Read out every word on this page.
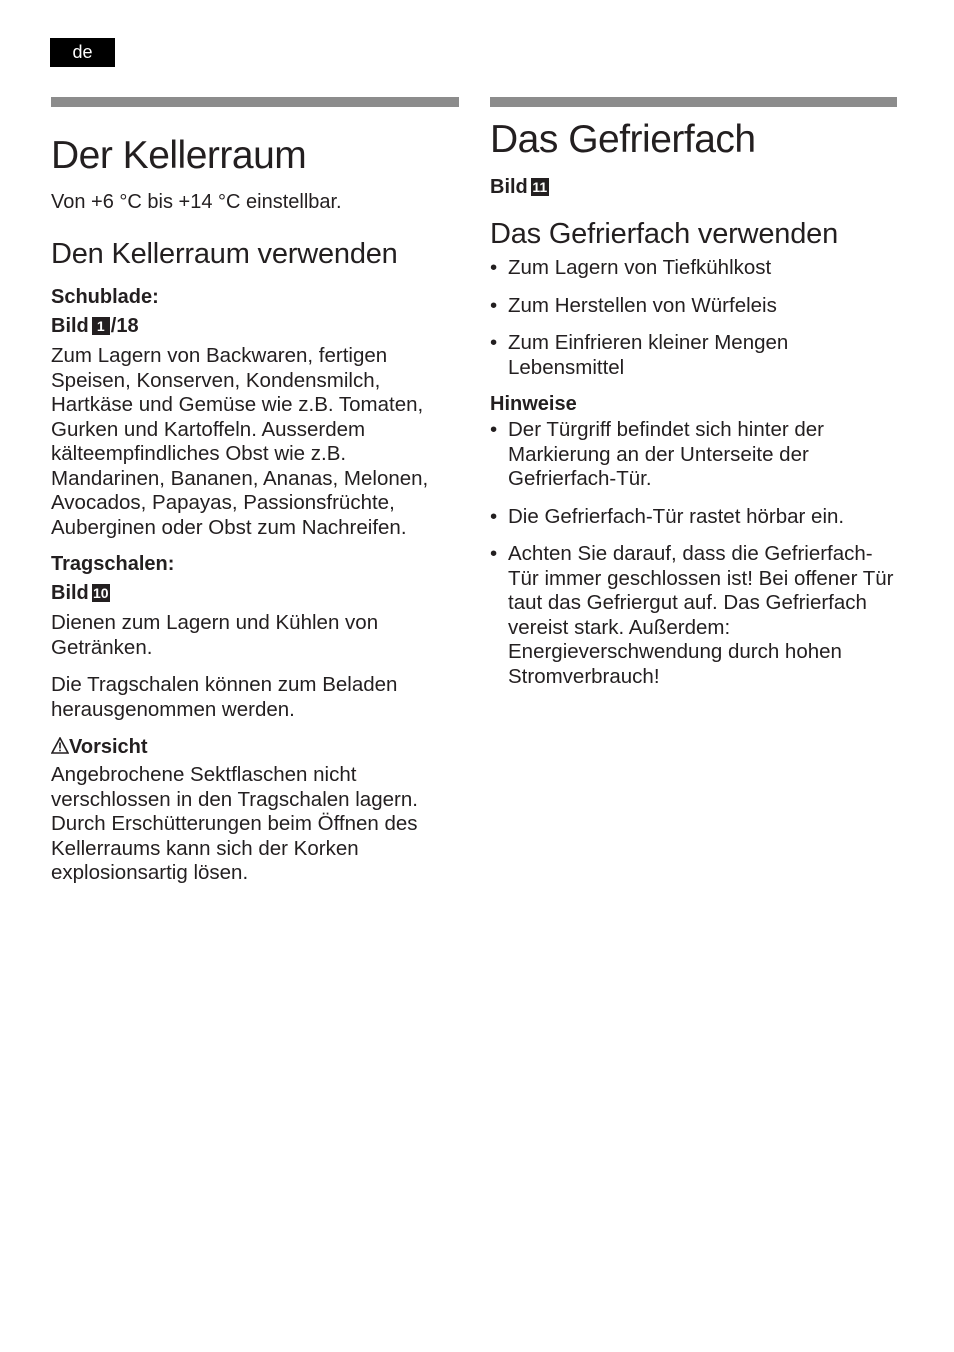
de
Der Kellerraum

Von +6 °C bis +14 °C einstellbar.

Den Kellerraum verwenden

Schublade:

Bild 1 /18

Zum Lagern von Backwaren, fertigen Speisen, Konserven, Kondensmilch, Hartkäse und Gemüse wie z.B. Tomaten, Gurken und Kartoffeln. Ausserdem kälteempfindliches Obst wie z.B. Mandarinen, Bananen, Ananas, Melonen, Avocados, Papayas, Passionsfrüchte, Auberginen oder Obst zum Nachreifen.

Tragschalen:

Bild 10

Dienen zum Lagern und Kühlen von Getränken.

Die Tragschalen können zum Beladen herausgenommen werden.

Vorsicht

Angebrochene Sektflaschen nicht verschlossen in den Tragschalen lagern. Durch Erschütterungen beim Öffnen des Kellerraums kann sich der Korken explosionsartig lösen.

Das Gefrierfach

Bild 11

Das Gefrierfach verwenden
• Zum Lagern von Tiefkühlkost
• Zum Herstellen von Würfeleis
• Zum Einfrieren kleiner Mengen Lebensmittel

Hinweise

• Der Türgriff befindet sich hinter der Markierung an der Unterseite der Gefrierfach-Tür.
• Die Gefrierfach-Tür rastet hörbar ein.
• Achten Sie darauf, dass die Gefrierfach-Tür immer geschlossen ist! Bei offener Tür taut das Gefriergut auf. Das Gefrierfach vereist stark. Außerdem: Energieverschwendung durch hohen Stromverbrauch!
